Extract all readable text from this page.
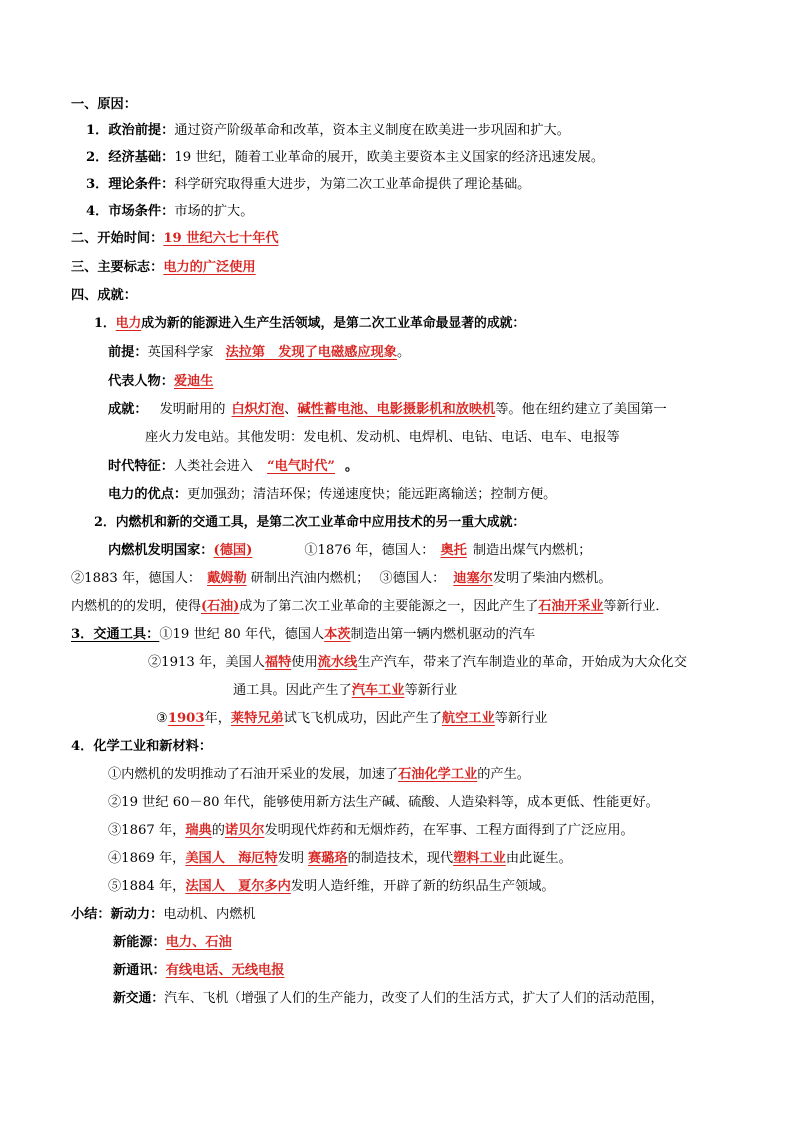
一、原因：
1．政治前提：通过资产阶级革命和改革，资本主义制度在欧美进一步巩固和扩大。
2．经济基础：19 世纪，随着工业革命的展开，欧美主要资本主义国家的经济迅速发展。
3．理论条件：科学研究取得重大进步，为第二次工业革命提供了理论基础。
4．市场条件：市场的扩大。
二、开始时间：19 世纪六七十年代
三、主要标志：电力的广泛使用
四、成就：
1．电力成为新的能源进入生产生活领域，是第二次工业革命最显著的成就：
前提：英国科学家 法拉第　发现了电磁感应现象。
代表人物：爱迪生
成就： 发明耐用的 白炽灯泡、碱性蓄电池、电影摄影机和放映机等。他在纽约建立了美国第一
座火力发电站。其他发明：发电机、发动机、电焊机、电钻、电话、电车、电报等
时代特征：人类社会进入 “电气时代” 。
电力的优点：更加强劲；清洁环保；传递速度快；能远距离输送；控制方便。
2．内燃机和新的交通工具，是第二次工业革命中应用技术的另一重大成就：
内燃机发明国家：(德国)	①1876 年，德国人： 奥托 制造出煤气内燃机；
②1883 年，德国人： 戴姆勒 研制出汽油内燃机； ③德国人： 迪塞尔发明了柴油内燃机。
内燃机的的发明，使得(石油)成为了第二次工业革命的主要能源之一，因此产生了石油开采业等新行业．
3．交通工具：①19 世纪 80 年代，德国人本茨制造出第一辆内燃机驱动的汽车
②1913 年，美国人福特使用流水线生产汽车，带来了汽车制造业的革命，开始成为大众化交
通工具。因此产生了汽车工业等新行业
③1903年，莱特兄弟试飞飞机成功，因此产生了航空工业等新行业
4．化学工业和新材料：
①内燃机的发明推动了石油开采业的发展，加速了石油化学工业的产生。
②19 世纪 60－80 年代，能够使用新方法生产碱、硫酸、人造染料等，成本更低、性能更好。
③1867 年，瑞典的诺贝尔发明现代炸药和无烟炸药，在军事、工程方面得到了广泛应用。
④1869 年，美国人　海厄特发明 赛璐珞的制造技术，现代塑料工业由此诞生。
⑤1884 年，法国人　夏尔多内发明人造纤维，开辟了新的纺织品生产领域。
小结：新动力：电动机、内燃机
新能源：电力、石油
新通讯：有线电话、无线电报
新交通：汽车、飞机（增强了人们的生产能力，改变了人们的生活方式，扩大了人们的活动范围，
